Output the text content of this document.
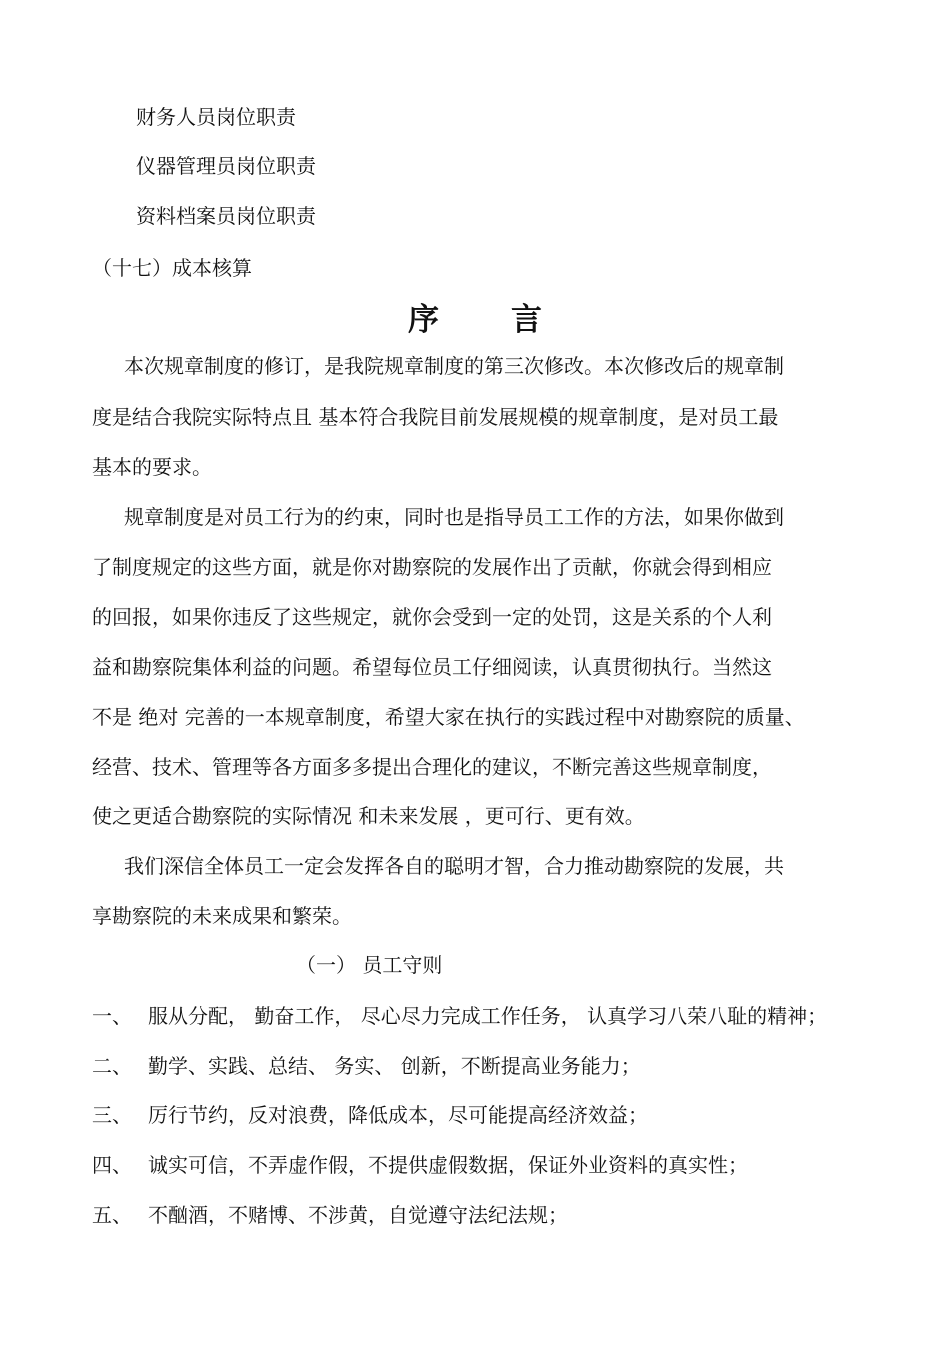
财务人员岗位职责

仪器管理员岗位职责

资料档案员岗位职责

（十七）成本核算

序 言

本次规章制度的修订，是我院规章制度的第三次修改。本次修改后的规章制

度是结合我院实际特点且 基本符合我院目前发展规模的规章制度，是对员工最

基本的要求。

规章制度是对员工行为的约束，同时也是指导员工工作的方法，如果你做到

了制度规定的这些方面，就是你对勘察院的发展作出了贡献，你就会得到相应

的回报，如果你违反了这些规定，就你会受到一定的处罚，这是关系的个人利

益和勘察院集体利益的问题。希望每位员工仔细阅读，认真贯彻执行。当然这

不是 绝对 完善的一本规章制度，希望大家在执行的实践过程中对勘察院的质量、

经营、技术、管理等各方面多多提出合理化的建议，不断完善这些规章制度，

使之更适合勘察院的实际情况 和未来发展 ，更可行、更有效。

我们深信全体员工一定会发挥各自的聪明才智，合力推动勘察院的发展，共

享勘察院的未来成果和繁荣。

（一） 员工守则

一、 服从分配， 勤奋工作， 尽心尽力完成工作任务， 认真学习八荣八耻的精神；

二、 勤学、实践、总结、 务实、 创新，不断提高业务能力；

三、 厉行节约，反对浪费，降低成本，尽可能提高经济效益；

四、 诚实可信，不弄虚作假，不提供虚假数据，保证外业资料的真实性；

五、 不酗酒，不赌博、不涉黄，自觉遵守法纪法规；
